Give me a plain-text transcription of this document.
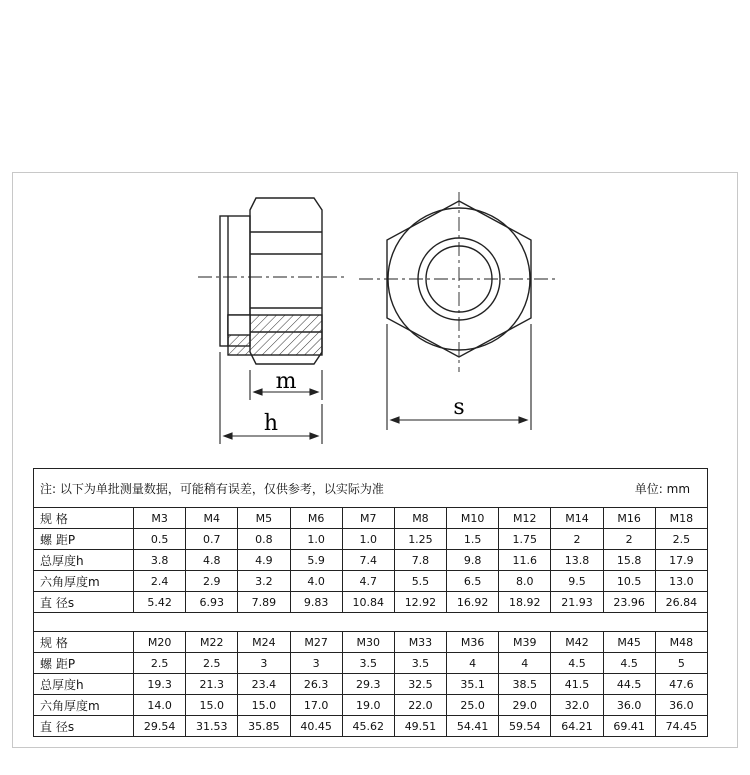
m
h
s
注: 以下为单批测量数据，可能稍有误差，仅供参考，以实际为准 单位: mm											

规 格	M3	M4	M5	M6	M7	M8	M10	M12	M14	M16	M18
螺 距P	0.5	0.7	0.8	1.0	1.0	1.25	1.5	1.75	2	2	2.5
总厚度h	3.8	4.8	4.9	5.9	7.4	7.8	9.8	11.6	13.8	15.8	17.9
六角厚度m	2.4	2.9	3.2	4.0	4.7	5.5	6.5	8.0	9.5	10.5	13.0
直 径s	5.42	6.93	7.89	9.83	10.84	12.92	16.92	18.92	21.93	23.96	26.84

规 格	M20	M22	M24	M27	M30	M33	M36	M39	M42	M45	M48
螺 距P	2.5	2.5	3	3	3.5	3.5	4	4	4.5	4.5	5
总厚度h	19.3	21.3	23.4	26.3	29.3	32.5	35.1	38.5	41.5	44.5	47.6
六角厚度m	14.0	15.0	15.0	17.0	19.0	22.0	25.0	29.0	32.0	36.0	36.0
直 径s	29.54	31.53	35.85	40.45	45.62	49.51	54.41	59.54	64.21	69.41	74.45
